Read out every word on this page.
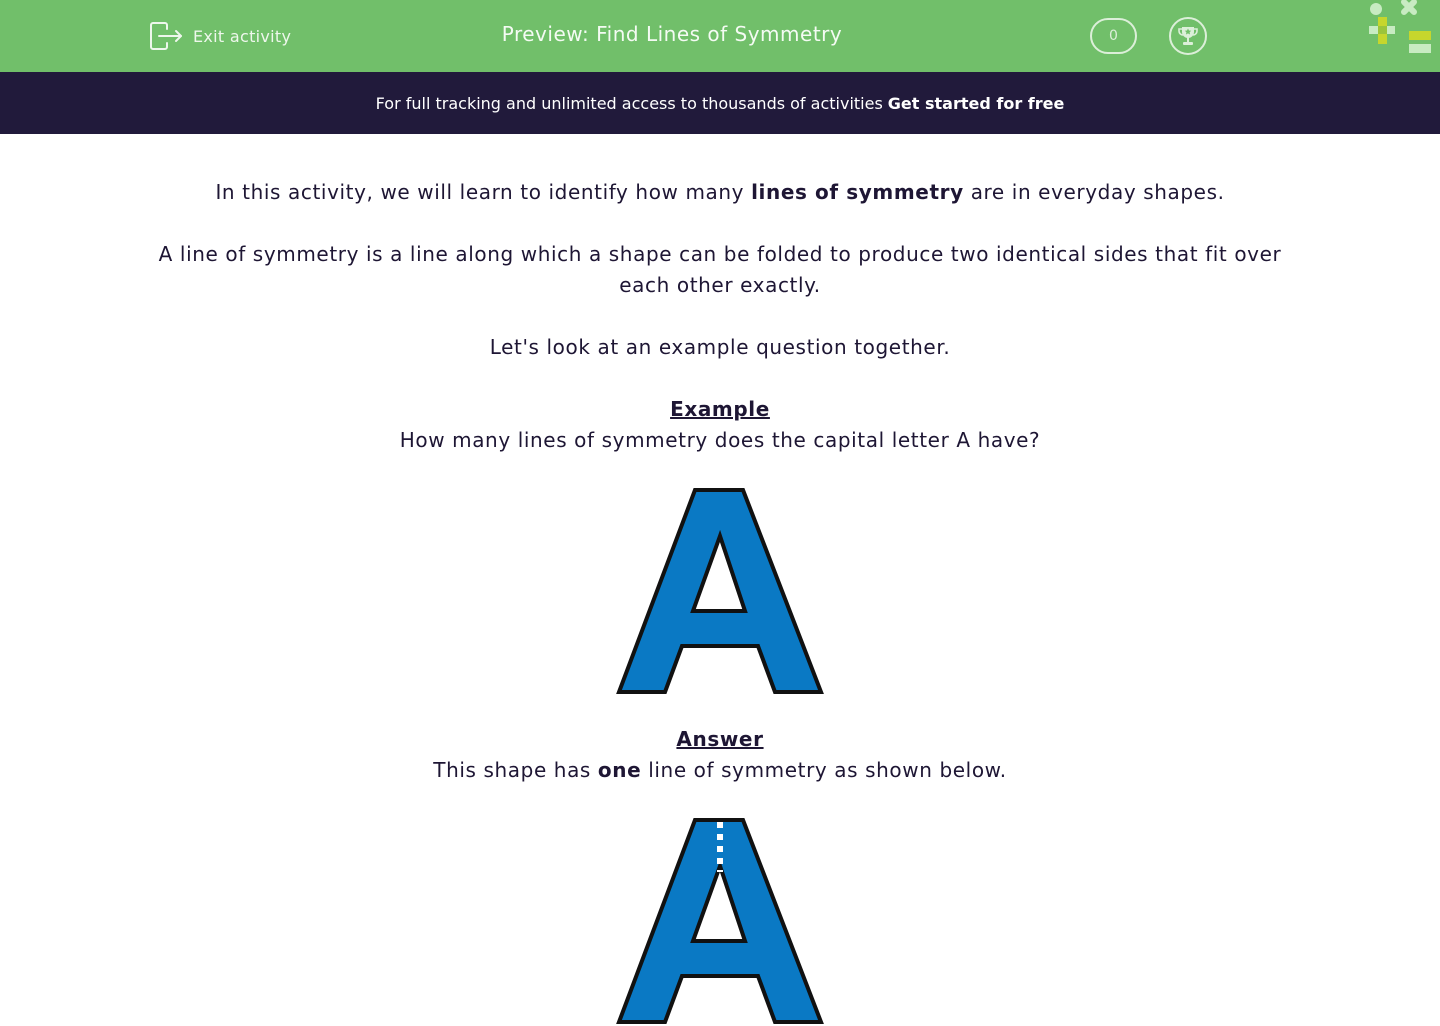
Exit activity	Preview: Find Lines of Symmetry	0
For full tracking and unlimited access to thousands of activities Get started for free
In this activity, we will learn to identify how many lines of symmetry are in everyday shapes.
A line of symmetry is a line along which a shape can be folded to produce two identical sides that fit over each other exactly.
Let's look at an example question together.
Example
How many lines of symmetry does the capital letter A have?
Answer
This shape has one line of symmetry as shown below.
